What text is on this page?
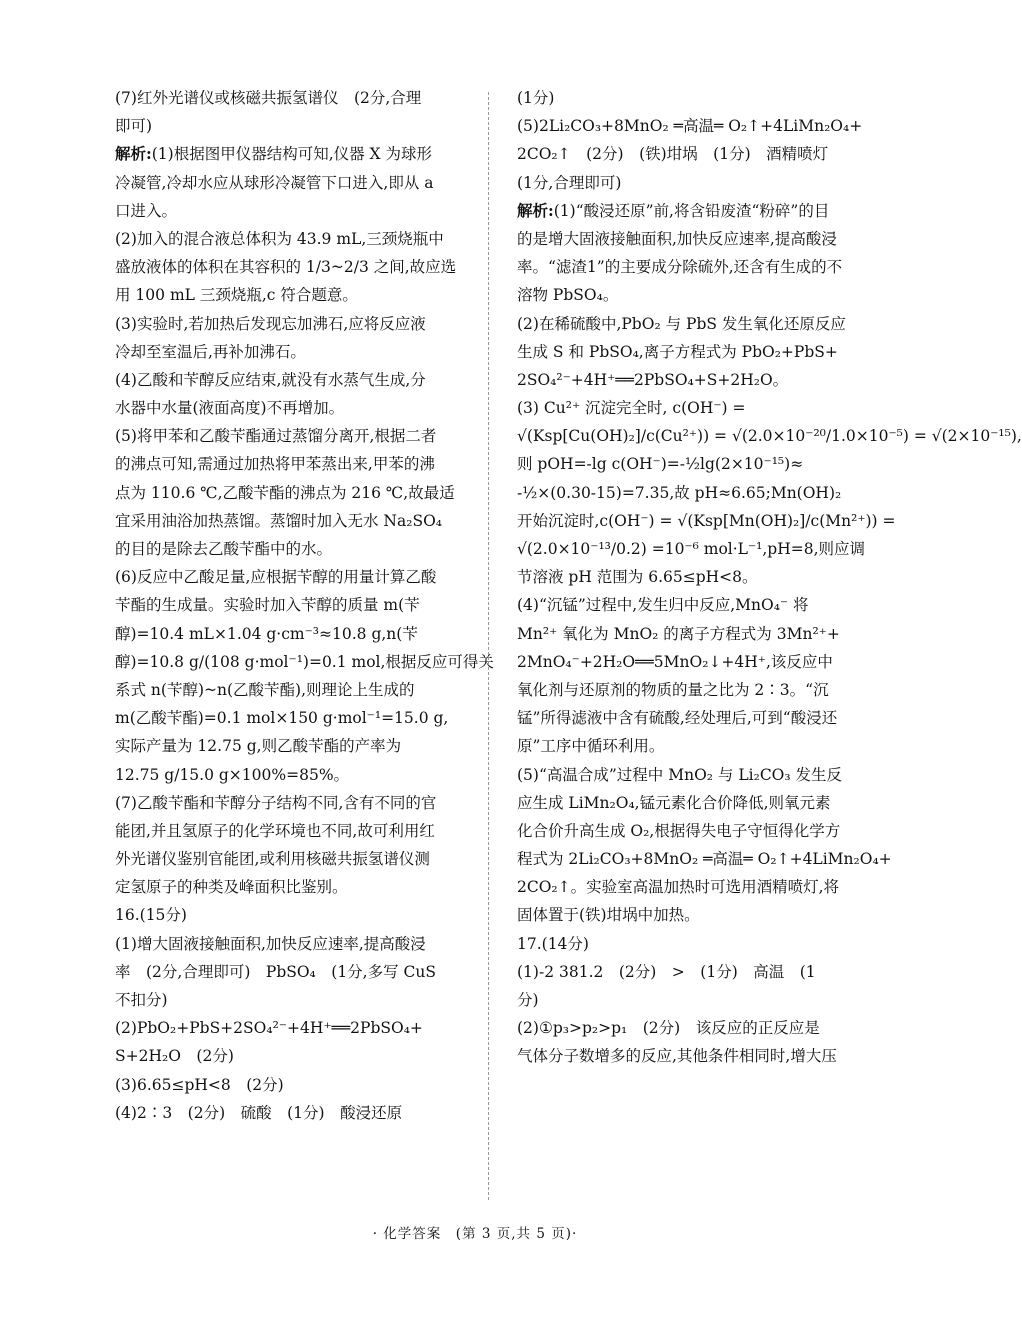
(7)红外光谱仪或核磁共振氢谱仪　(2分,合理
即可)
解析:(1)根据图甲仪器结构可知,仪器 X 为球形
冷凝管,冷却水应从球形冷凝管下口进入,即从 a
口进入。
(2)加入的混合液总体积为 43.9 mL,三颈烧瓶中
盛放液体的体积在其容积的 1/3~2/3 之间,故应选
用 100 mL 三颈烧瓶,c 符合题意。
(3)实验时,若加热后发现忘加沸石,应将反应液
冷却至室温后,再补加沸石。
(4)乙酸和苄醇反应结束,就没有水蒸气生成,分
水器中水量(液面高度)不再增加。
(5)将甲苯和乙酸苄酯通过蒸馏分离开,根据二者
的沸点可知,需通过加热将甲苯蒸出来,甲苯的沸
点为 110.6 ℃,乙酸苄酯的沸点为 216 ℃,故最适
宜采用油浴加热蒸馏。蒸馏时加入无水 Na₂SO₄
的目的是除去乙酸苄酯中的水。
(6)反应中乙酸足量,应根据苄醇的用量计算乙酸
苄酯的生成量。实验时加入苄醇的质量 m(苄
醇)=10.4 mL×1.04 g·cm⁻³≈10.8 g,n(苄
醇)=10.8 g/(108 g·mol⁻¹)=0.1 mol,根据反应可得关
系式 n(苄醇)~n(乙酸苄酯),则理论上生成的
m(乙酸苄酯)=0.1 mol×150 g·mol⁻¹=15.0 g,
实际产量为 12.75 g,则乙酸苄酯的产率为
12.75 g/15.0 g×100%=85%。
(7)乙酸苄酯和苄醇分子结构不同,含有不同的官
能团,并且氢原子的化学环境也不同,故可利用红
外光谱仪鉴别官能团,或利用核磁共振氢谱仪测
定氢原子的种类及峰面积比鉴别。
16.(15分)
(1)增大固液接触面积,加快反应速率,提高酸浸
率　(2分,合理即可)　PbSO₄　(1分,多写 CuS
不扣分)
(2)PbO₂+PbS+2SO₄²⁻+4H⁺══2PbSO₄+
S+2H₂O　(2分)
(3)6.65≤pH<8　(2分)
(4)2∶3　(2分)　硫酸　(1分)　酸浸还原
(1分)
(5)2Li₂CO₃+8MnO₂ ═高温═ O₂↑+4LiMn₂O₄+
2CO₂↑　(2分)　(铁)坩埚　(1分)　酒精喷灯
(1分,合理即可)
解析:(1)“酸浸还原”前,将含铅废渣“粉碎”的目
的是增大固液接触面积,加快反应速率,提高酸浸
率。“滤渣1”的主要成分除硫外,还含有生成的不
溶物 PbSO₄。
(2)在稀硫酸中,PbO₂ 与 PbS 发生氧化还原反应
生成 S 和 PbSO₄,离子方程式为 PbO₂+PbS+
2SO₄²⁻+4H⁺══2PbSO₄+S+2H₂O。
(3) Cu²⁺ 沉淀完全时, c(OH⁻) =
√(Ksp[Cu(OH)₂]/c(Cu²⁺)) = √(2.0×10⁻²⁰/1.0×10⁻⁵) = √(2×10⁻¹⁵),
则 pOH=-lg c(OH⁻)=-½lg(2×10⁻¹⁵)≈
-½×(0.30-15)=7.35,故 pH≈6.65;Mn(OH)₂
开始沉淀时,c(OH⁻) = √(Ksp[Mn(OH)₂]/c(Mn²⁺)) =
√(2.0×10⁻¹³/0.2) =10⁻⁶ mol·L⁻¹,pH=8,则应调
节溶液 pH 范围为 6.65≤pH<8。
(4)“沉锰”过程中,发生归中反应,MnO₄⁻ 将
Mn²⁺ 氧化为 MnO₂ 的离子方程式为 3Mn²⁺+
2MnO₄⁻+2H₂O══5MnO₂↓+4H⁺,该反应中
氧化剂与还原剂的物质的量之比为 2∶3。“沉
锰”所得滤液中含有硫酸,经处理后,可到“酸浸还
原”工序中循环利用。
(5)“高温合成”过程中 MnO₂ 与 Li₂CO₃ 发生反
应生成 LiMn₂O₄,锰元素化合价降低,则氧元素
化合价升高生成 O₂,根据得失电子守恒得化学方
程式为 2Li₂CO₃+8MnO₂ ═高温═ O₂↑+4LiMn₂O₄+
2CO₂↑。实验室高温加热时可选用酒精喷灯,将
固体置于(铁)坩埚中加热。
17.(14分)
(1)-2 381.2　(2分)　>　(1分)　高温　(1
分)
(2)①p₃>p₂>p₁　(2分)　该反应的正反应是
气体分子数增多的反应,其他条件相同时,增大压
· 化学答案　(第 3 页,共 5 页)·
